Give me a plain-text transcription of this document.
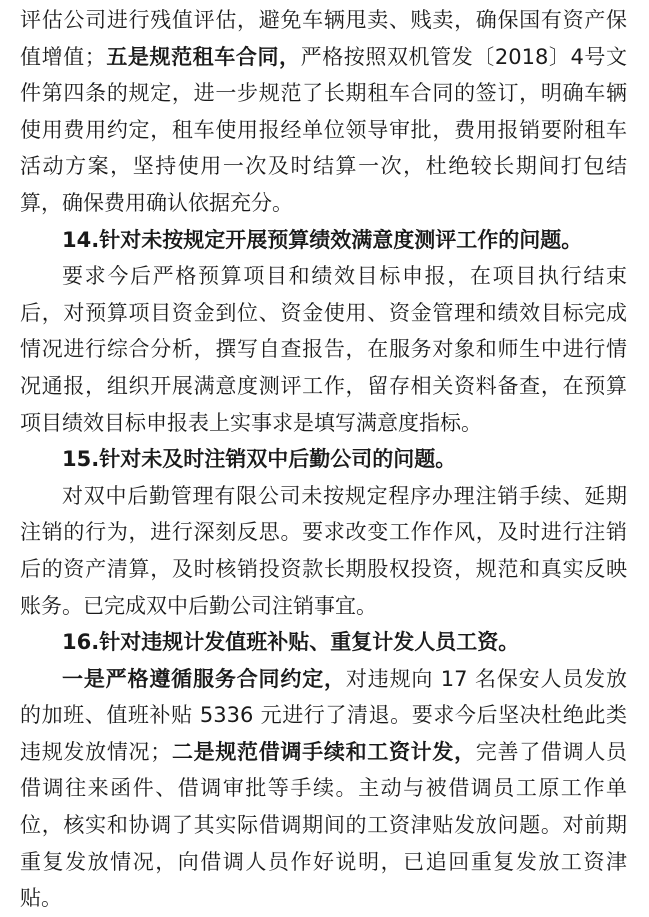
评估公司进行残值评估，避免车辆甩卖、贱卖，确保国有资产保值增值；五是规范租车合同，严格按照双机管发〔2018〕4号文件第四条的规定，进一步规范了长期租车合同的签订，明确车辆使用费用约定，租车使用报经单位领导审批，费用报销要附租车活动方案，坚持使用一次及时结算一次，杜绝较长期间打包结算，确保费用确认依据充分。

14.针对未按规定开展预算绩效满意度测评工作的问题。

要求今后严格预算项目和绩效目标申报，在项目执行结束后，对预算项目资金到位、资金使用、资金管理和绩效目标完成情况进行综合分析，撰写自查报告，在服务对象和师生中进行情况通报，组织开展满意度测评工作，留存相关资料备查，在预算项目绩效目标申报表上实事求是填写满意度指标。

15.针对未及时注销双中后勤公司的问题。

对双中后勤管理有限公司未按规定程序办理注销手续、延期注销的行为，进行深刻反思。要求改变工作作风，及时进行注销后的资产清算，及时核销投资款长期股权投资，规范和真实反映账务。已完成双中后勤公司注销事宜。

16.针对违规计发值班补贴、重复计发人员工资。

一是严格遵循服务合同约定，对违规向 17 名保安人员发放的加班、值班补贴 5336 元进行了清退。要求今后坚决杜绝此类违规发放情况；二是规范借调手续和工资计发，完善了借调人员借调往来函件、借调审批等手续。主动与被借调员工原工作单位，核实和协调了其实际借调期间的工资津贴发放问题。对前期重复发放情况，向借调人员作好说明，已追回重复发放工资津贴。
